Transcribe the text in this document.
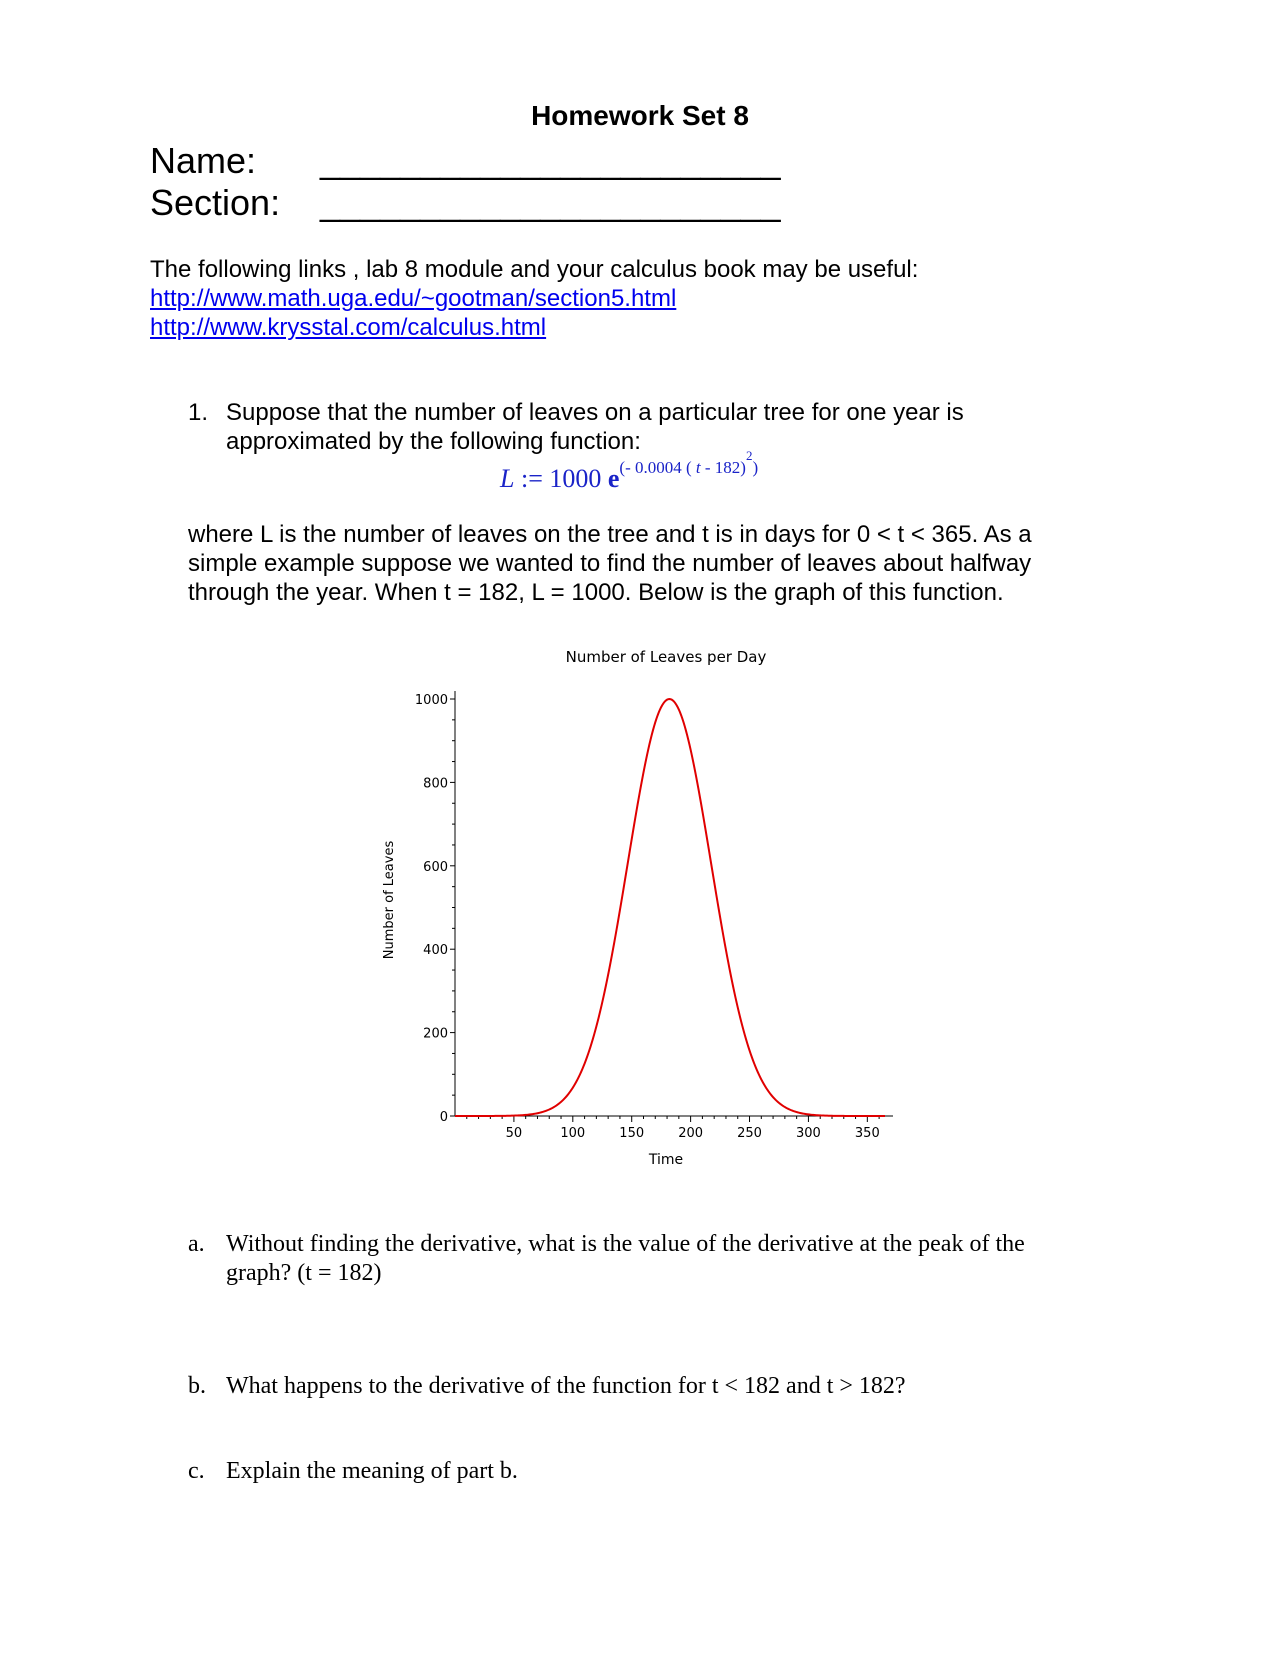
Homework Set 8
Name: _______________________
Section: _______________________
The following links , lab 8 module and your calculus book may be useful:
http://www.math.uga.edu/~gootman/section5.html
http://www.krysstal.com/calculus.html
1. Suppose that the number of leaves on a particular tree for one year is approximated by the following function:
L := 1000 $e^{(- 0.0004 ( t - 182)^2)}$
where L is the number of leaves on the tree and t is in days for 0 < t < 365. As a simple example suppose we wanted to find the number of leaves about halfway through the year. When t = 182, L = 1000. Below is the graph of this function.
Number of Leaves per Day
Number of Leaves
Time
0
200
400
600
800
1000
50	100	150	200	250	300	350
a. Without finding the derivative, what is the value of the derivative at the peak of the graph? (t = 182)
b. What happens to the derivative of the function for t < 182 and t > 182?
c. Explain the meaning of part b.
